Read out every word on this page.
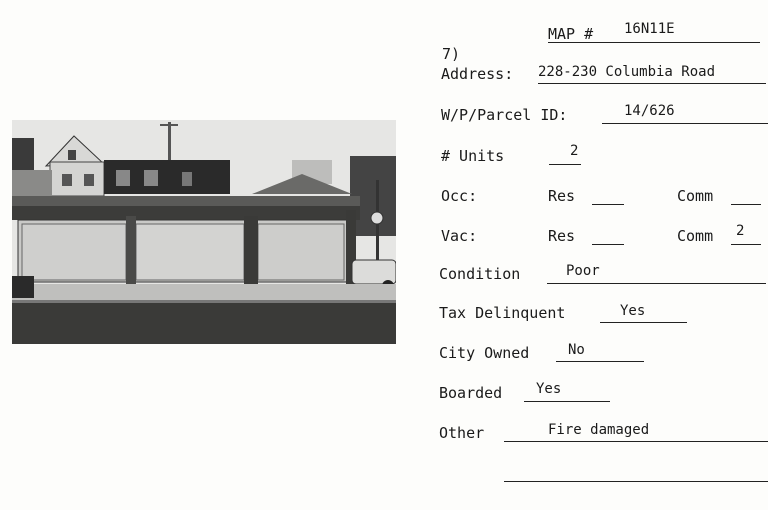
MAP # 16N11E
7)
Address: 228-230 Columbia Road
W/P/Parcel ID:	14/626
# Units	2
Occ:	Res	Comm
Vac:	Res	Comm 2
Condition	Poor
Tax Delinquent	Yes
City Owned	No
Boarded Yes
Other	Fire damaged
